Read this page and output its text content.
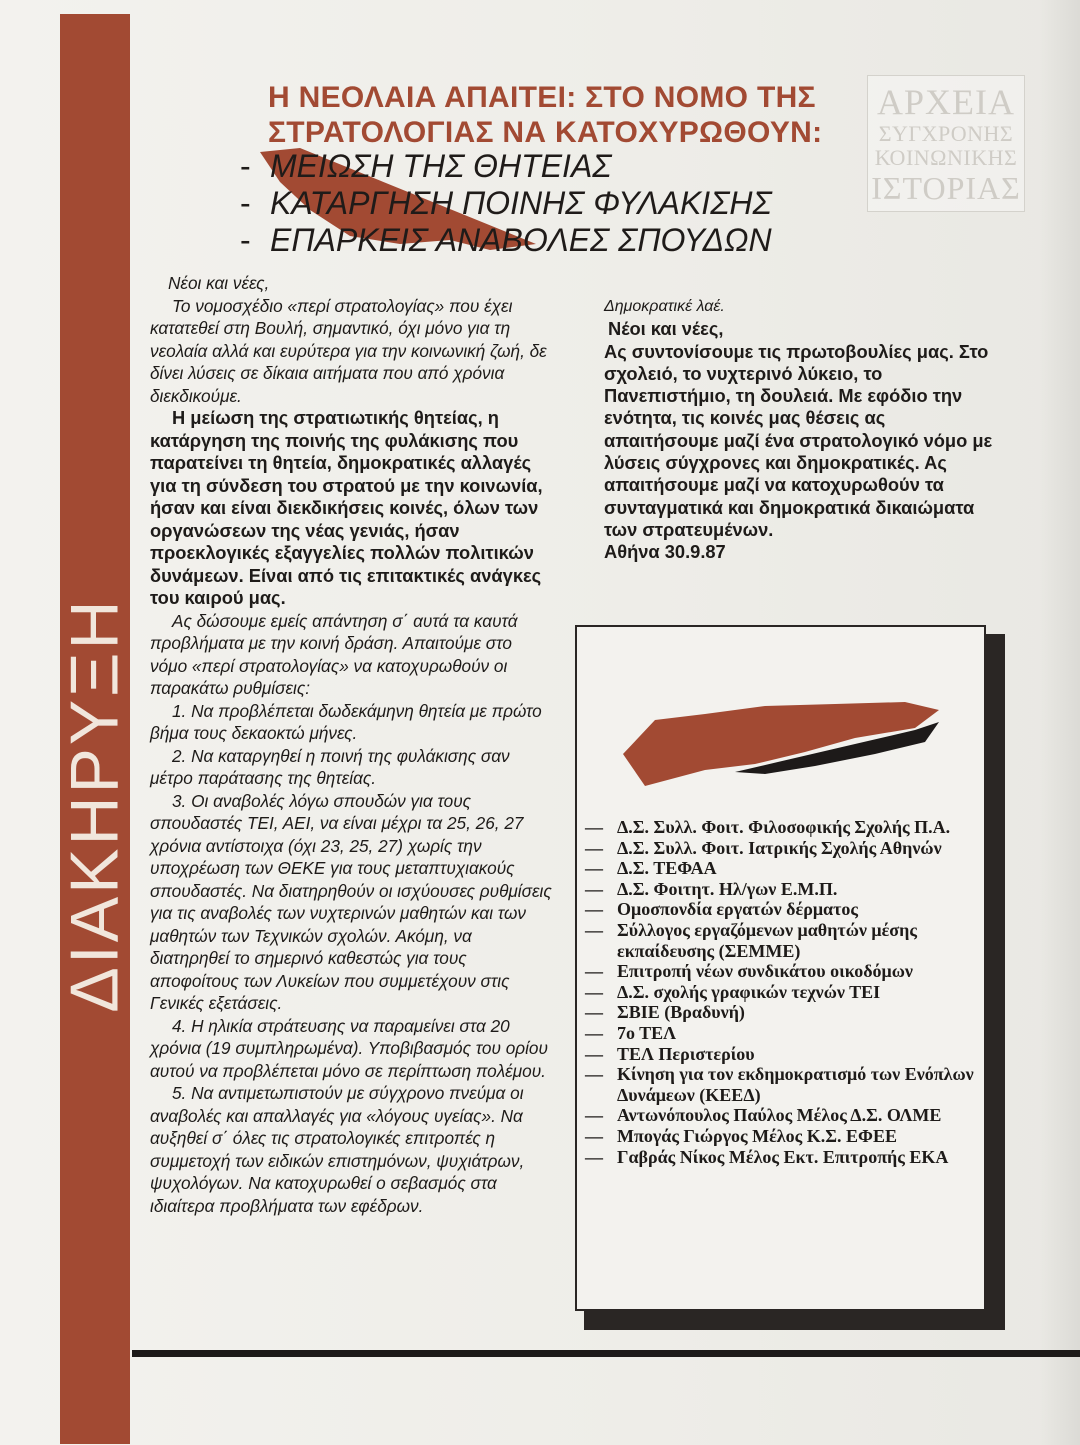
ΔΙΑΚΗΡΥΞΗ
ΑΡΧΕΙΑ
ΣΥΓΧΡΟΝΗΣ
ΚΟΙΝΩΝΙΚΗΣ
ΙΣΤΟΡΙΑΣ
Η ΝΕΟΛΑΙΑ ΑΠΑΙΤΕΙ: ΣΤΟ ΝΟΜΟ ΤΗΣ
ΣΤΡΑΤΟΛΟΓΙΑΣ ΝΑ ΚΑΤΟΧΥΡΩΘΟΥΝ:
- ΜΕΙΩΣΗ ΤΗΣ ΘΗΤΕΙΑΣ
- ΚΑΤΑΡΓΗΣΗ ΠΟΙΝΗΣ ΦΥΛΑΚΙΣΗΣ
- ΕΠΑΡΚΕΙΣ ΑΝΑΒΟΛΕΣ ΣΠΟΥΔΩΝ

Νέοι και νέες,

Το νομοσχέδιο «περί στρατολογίας» που έχει κατατεθεί στη Βουλή, σημαντικό, όχι μόνο για τη νεολαία αλλά και ευρύτερα για την κοινωνική ζωή, δε δίνει λύσεις σε δίκαια αιτήματα που από χρόνια διεκδικούμε.

Η μείωση της στρατιωτικής θητείας, η κατάργηση της ποινής της φυλάκισης που παρατείνει τη θητεία, δημοκρατικές αλλαγές για τη σύνδεση του στρατού με την κοινωνία, ήσαν και είναι διεκδικήσεις κοινές, όλων των οργανώσεων της νέας γενιάς, ήσαν προεκλογικές εξαγγελίες πολλών πολιτικών δυνάμεων. Είναι από τις επιτακτικές ανάγκες του καιρού μας.

Ας δώσουμε εμείς απάντηση σ΄ αυτά τα καυτά προβλήματα με την κοινή δράση. Απαιτούμε στο νόμο «περί στρατολογίας» να κατοχυρωθούν οι παρακάτω ρυθμίσεις:

1. Να προβλέπεται δωδεκάμηνη θητεία με πρώτο βήμα τους δεκαοκτώ μήνες.

2. Να καταργηθεί η ποινή της φυλάκισης σαν μέτρο παράτασης της θητείας.

3. Οι αναβολές λόγω σπουδών για τους σπουδαστές ΤΕΙ, ΑΕΙ, να είναι μέχρι τα 25, 26, 27 χρόνια αντίστοιχα (όχι 23, 25, 27) χωρίς την υποχρέωση των ΘΕΚΕ για τους μεταπτυχιακούς σπουδαστές. Να διατηρηθούν οι ισχύουσες ρυθμίσεις για τις αναβολές των νυχτερινών μαθητών και των μαθητών των Τεχνικών σχολών. Ακόμη, να διατηρηθεί το σημερινό καθεστώς για τους αποφοίτους των Λυκείων που συμμετέχουν στις Γενικές εξετάσεις.

4. Η ηλικία στράτευσης να παραμείνει στα 20 χρόνια (19 συμπληρωμένα). Υποβιβασμός του ορίου αυτού να προβλέπεται μόνο σε περίπτωση πολέμου.

5. Να αντιμετωπιστούν με σύγχρονο πνεύμα οι αναβολές και απαλλαγές για «λόγους υγείας». Να αυξηθεί σ΄ όλες τις στρατολογικές επιτροπές η συμμετοχή των ειδικών επιστημόνων, ψυχιάτρων, ψυχολόγων. Να κατοχυρωθεί ο σεβασμός στα ιδιαίτερα προβλήματα των εφέδρων.

Δημοκρατικέ λαέ.

Νέοι και νέες,

Ας συντονίσουμε τις πρωτοβουλίες μας. Στο σχολειό, το νυχτερινό λύκειο, το Πανεπιστήμιο, τη δουλειά. Με εφόδιο την ενότητα, τις κοινές μας θέσεις ας απαιτήσουμε μαζί ένα στρατολογικό νόμο με λύσεις σύγχρονες και δημοκρατικές. Ας απαιτήσουμε μαζί να κατοχυρωθούν τα συνταγματικά και δημοκρατικά δικαιώματα των στρατευμένων.

Αθήνα 30.9.87

— Δ.Σ. Συλλ. Φοιτ. Φιλοσοφικής Σχολής Π.Α.
— Δ.Σ. Συλλ. Φοιτ. Ιατρικής Σχολής Αθηνών
— Δ.Σ. ΤΕΦΑΑ
— Δ.Σ. Φοιτητ. Ηλ/γων Ε.Μ.Π.
— Ομοσπονδία εργατών δέρματος
— Σύλλογος εργαζόμενων μαθητών μέσης εκπαίδευσης (ΣΕΜΜΕ)
— Επιτροπή νέων συνδικάτου οικοδόμων
— Δ.Σ. σχολής γραφικών τεχνών ΤΕΙ
— ΣΒΙΕ (Βραδυνή)
— 7ο ΤΕΛ
— ΤΕΛ Περιστερίου
— Κίνηση για τον εκδημοκρατισμό των Ενόπλων Δυνάμεων (ΚΕΕΔ)
— Αντωνόπουλος Παύλος Μέλος Δ.Σ. ΟΛΜΕ
— Μπογάς Γιώργος Μέλος Κ.Σ. ΕΦΕΕ
— Γαβράς Νίκος Μέλος Εκτ. Επιτροπής ΕΚΑ
